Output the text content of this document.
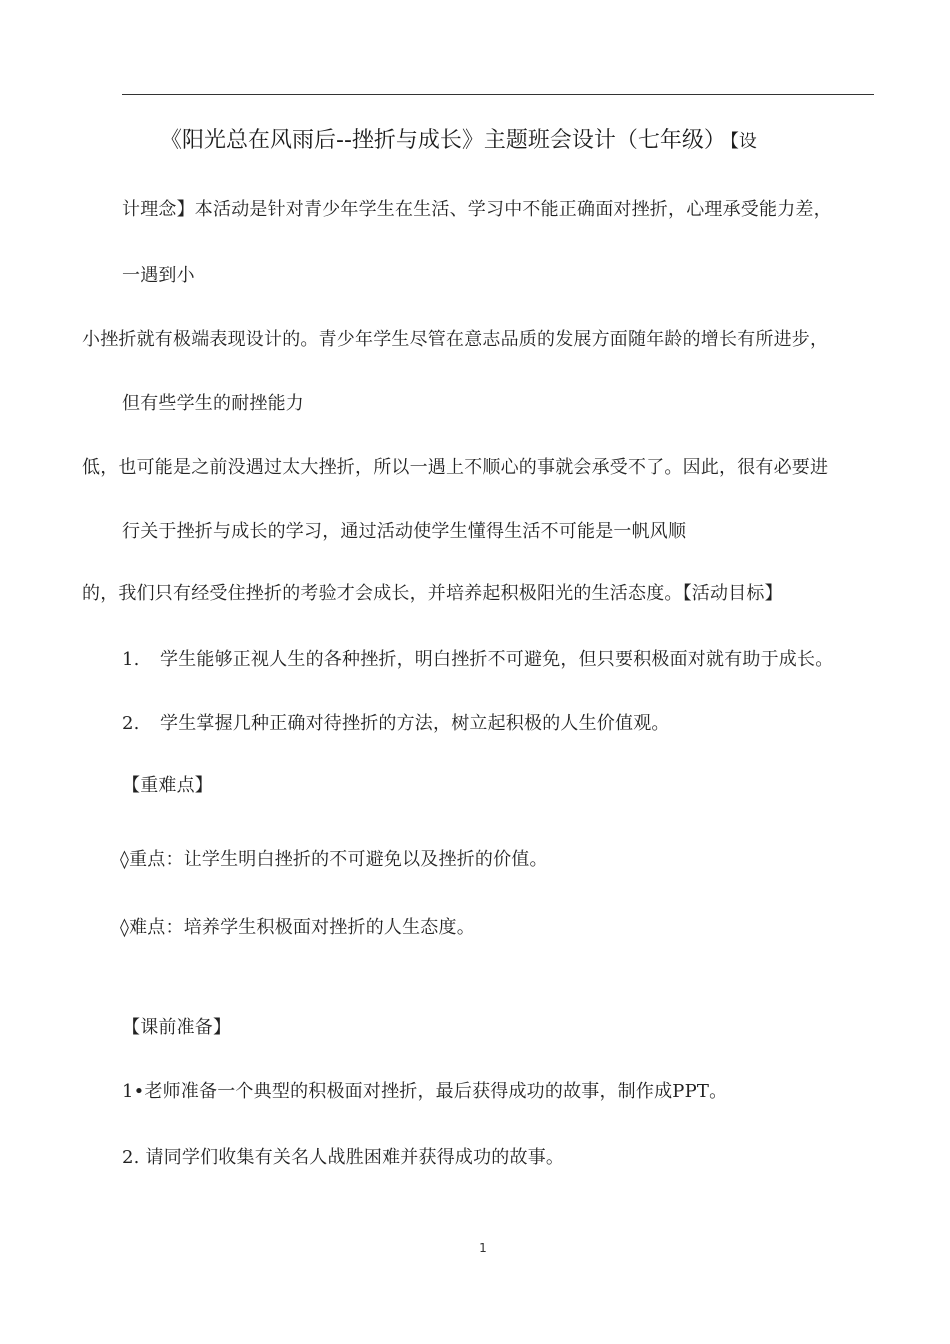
《阳光总在风雨后--挫折与成长》主题班会设计（七年级） 【设
计理念】本活动是针对青少年学生在生活、学习中不能正确面对挫折，心理承受能力差，
一遇到小
小挫折就有极端表现设计的。青少年学生尽管在意志品质的发展方面随年龄的增长有所进步，
但有些学生的耐挫能力
低，也可能是之前没遇过太大挫折，所以一遇上不顺心的事就会承受不了。因此，很有必要进
行关于挫折与成长的学习，通过活动使学生懂得生活不可能是一帆风顺
的，我们只有经受住挫折的考验才会成长，并培养起积极阳光的生活态度。【活动目标】
1. 学生能够正视人生的各种挫折，明白挫折不可避免，但只要积极面对就有助于成长。
2. 学生掌握几种正确对待挫折的方法，树立起积极的人生价值观。
【重难点】
◊重点：让学生明白挫折的不可避免以及挫折的价值。
◊难点：培养学生积极面对挫折的人生态度。
【课前准备】
1•老师准备一个典型的积极面对挫折，最后获得成功的故事，制作成PPT。
2. 请同学们收集有关名人战胜困难并获得成功的故事。
1
